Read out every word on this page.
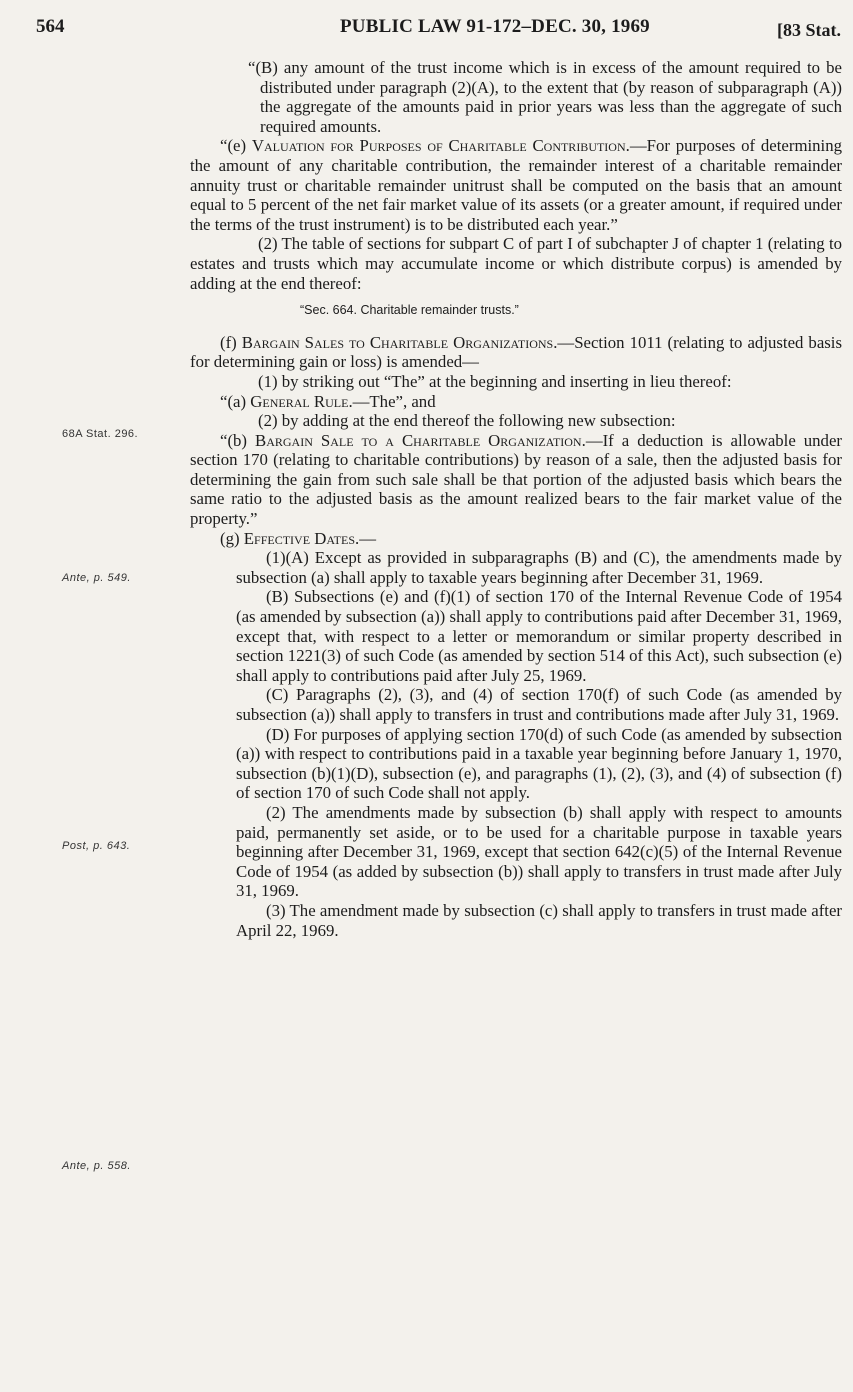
564	PUBLIC LAW 91-172–DEC. 30, 1969	[83 Stat.
68A Stat. 296.
Ante, p. 549.
Post, p. 643.
Ante, p. 558.

“(B) any amount of the trust income which is in excess of the amount required to be distributed under paragraph (2)(A), to the extent that (by reason of subparagraph (A)) the aggregate of the amounts paid in prior years was less than the aggregate of such required amounts.

“(e) Valuation for Purposes of Charitable Contribution.—For purposes of determining the amount of any charitable contribution, the remainder interest of a charitable remainder annuity trust or charitable remainder unitrust shall be computed on the basis that an amount equal to 5 percent of the net fair market value of its assets (or a greater amount, if required under the terms of the trust instrument) is to be distributed each year.”

(2) The table of sections for subpart C of part I of subchapter J of chapter 1 (relating to estates and trusts which may accumulate income or which distribute corpus) is amended by adding at the end thereof:

“Sec. 664. Charitable remainder trusts.”

(f) Bargain Sales to Charitable Organizations.—Section 1011 (relating to adjusted basis for determining gain or loss) is amended—

(1) by striking out “The” at the beginning and inserting in lieu thereof:

“(a) General Rule.—The”, and

(2) by adding at the end thereof the following new subsection:

“(b) Bargain Sale to a Charitable Organization.—If a deduction is allowable under section 170 (relating to charitable contributions) by reason of a sale, then the adjusted basis for determining the gain from such sale shall be that portion of the adjusted basis which bears the same ratio to the adjusted basis as the amount realized bears to the fair market value of the property.”

(g) Effective Dates.—

(1)(A) Except as provided in subparagraphs (B) and (C), the amendments made by subsection (a) shall apply to taxable years beginning after December 31, 1969.

(B) Subsections (e) and (f)(1) of section 170 of the Internal Revenue Code of 1954 (as amended by subsection (a)) shall apply to contributions paid after December 31, 1969, except that, with respect to a letter or memorandum or similar property described in section 1221(3) of such Code (as amended by section 514 of this Act), such subsection (e) shall apply to contributions paid after July 25, 1969.

(C) Paragraphs (2), (3), and (4) of section 170(f) of such Code (as amended by subsection (a)) shall apply to transfers in trust and contributions made after July 31, 1969.

(D) For purposes of applying section 170(d) of such Code (as amended by subsection (a)) with respect to contributions paid in a taxable year beginning before January 1, 1970, subsection (b)(1)(D), subsection (e), and paragraphs (1), (2), (3), and (4) of subsection (f) of section 170 of such Code shall not apply.

(2) The amendments made by subsection (b) shall apply with respect to amounts paid, permanently set aside, or to be used for a charitable purpose in taxable years beginning after December 31, 1969, except that section 642(c)(5) of the Internal Revenue Code of 1954 (as added by subsection (b)) shall apply to transfers in trust made after July 31, 1969.

(3) The amendment made by subsection (c) shall apply to transfers in trust made after April 22, 1969.
